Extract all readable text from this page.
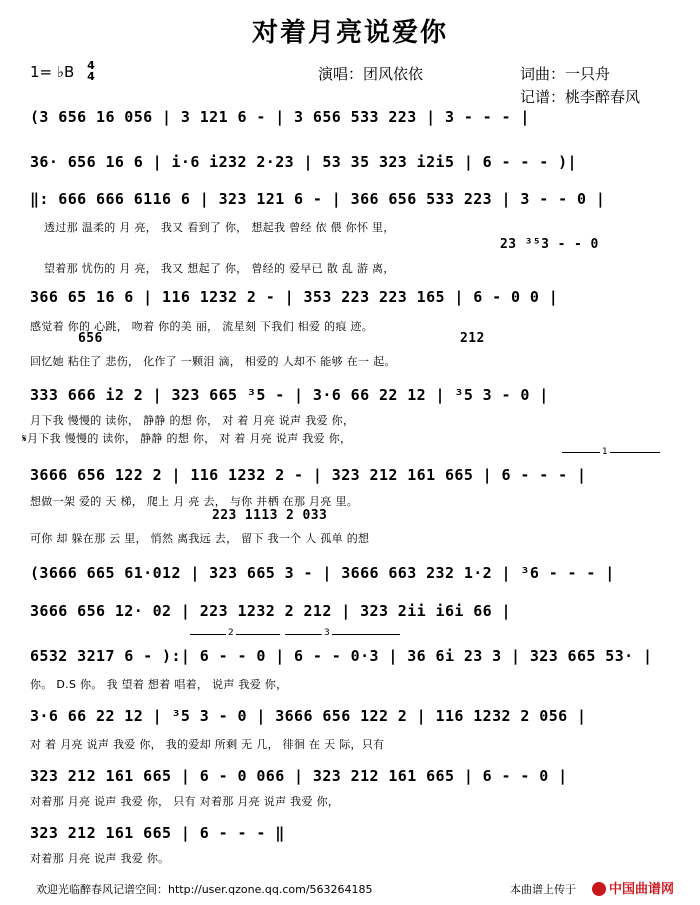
对着月亮说爱你
1= ♭B 4
4	演唱：团风依依	词曲：一只舟
记谱：桃李醉春风
(3 656 16 056 | 3 121 6 - | 3 656 533 223 | 3 - - - |
36· 656 16 6 | i·6 i232 2·23 | 53 35 323 i2i5 | 6 - - - )|
‖: 666 666 6116 6 | 323 121 6 - | 366 656 533 223 | 3 - - 0 |
透过那 温柔的 月 亮， 我又 看到了 你， 想起我 曾经 依 偎 你怀 里，
23 ³⁵3 - - 0
望着那 忧伤的 月 亮， 我又 想起了 你， 曾经的 爱早已 散 乱 游 离，
366 65 16 6 | 116 1232 2 - | 353 223 223 165 | 6 - 0 0 |
感觉着 你的 心跳， 吻着 你的美 丽， 流星刻 下我们 相爱 的痕 迹。
656	212
回忆她 粘住了 悲伤， 化作了 一颗泪 滴， 相爱的 人却不 能够 在一 起。
333 666 i2 2 | 323 665 ³5 - | 3·6 66 22 12 | ³5 3 - 0 |
月下我 慢慢的 读你， 静静 的想 你， 对 着 月亮 说声 我爱 你，
𝄋月下我 慢慢的 读你， 静静 的想 你， 对 着 月亮 说声 我爱 你，
1
3666 656 122 2 | 116 1232 2 - | 323 212 161 665 | 6 - - - |
想做一架 爱的 天 梯， 爬上 月 亮 去， 与你 并栖 在那 月亮 里。
223 1113 2 033
可你 却 躲在那 云 里， 悄然 离我远 去， 留下 我一个 人 孤单 的想
(3666 665 61·012 | 323 665 3 - | 3666 663 232 1·2 | ³6 - - - |
3666 656 12· 02 | 223 1232 2 212 | 323 2ii i6i 66 |
2	3
6532 3217 6 - ):| 6 - - 0 | 6 - - 0·3 | 36 6i 23 3 | 323 665 53· |
你。 D.S 你。 我 望着 想着 唱着， 说声 我爱 你，
3·6 66 22 12 | ³5 3 - 0 | 3666 656 122 2 | 116 1232 2 056 |
对 着 月亮 说声 我爱 你， 我的爱却 所剩 无 几， 徘徊 在 天 际，只有
323 212 161 665 | 6 - 0 066 | 323 212 161 665 | 6 - - 0 |
对着那 月亮 说声 我爱 你， 只有 对着那 月亮 说声 我爱 你，
323 212 161 665 | 6 - - - ‖
对着那 月亮 说声 我爱 你。
欢迎光临醉春风记谱空间：http://user.qzone.qq.com/563264185	本曲谱上传于	中国曲谱网
